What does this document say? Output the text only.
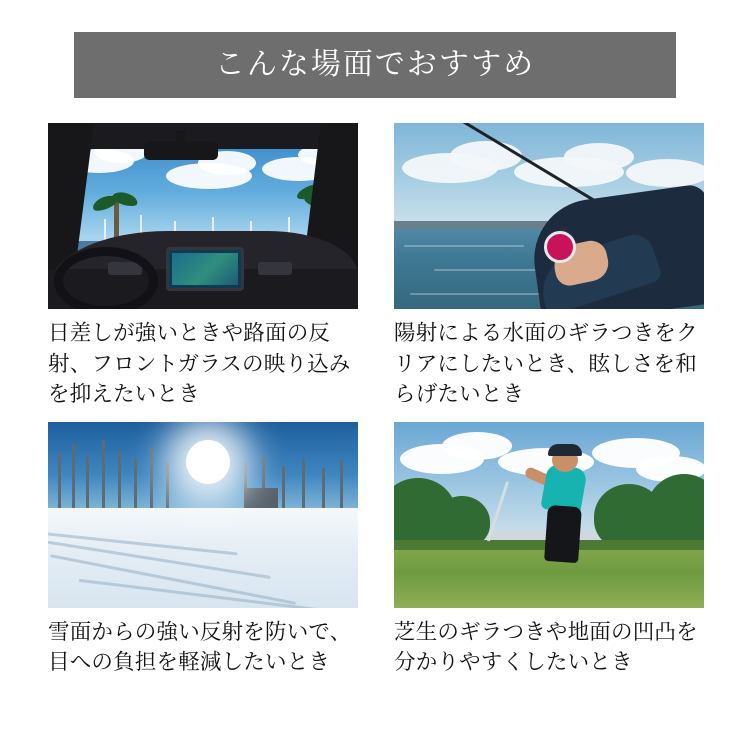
こんな場面でおすすめ
日差しが強いときや路面の反射、フロントガラスの映り込みを抑えたいとき
陽射による水面のギラつきをクリアにしたいとき、眩しさを和らげたいとき
雪面からの強い反射を防いで、目への負担を軽減したいとき
芝生のギラつきや地面の凹凸を分かりやすくしたいとき
